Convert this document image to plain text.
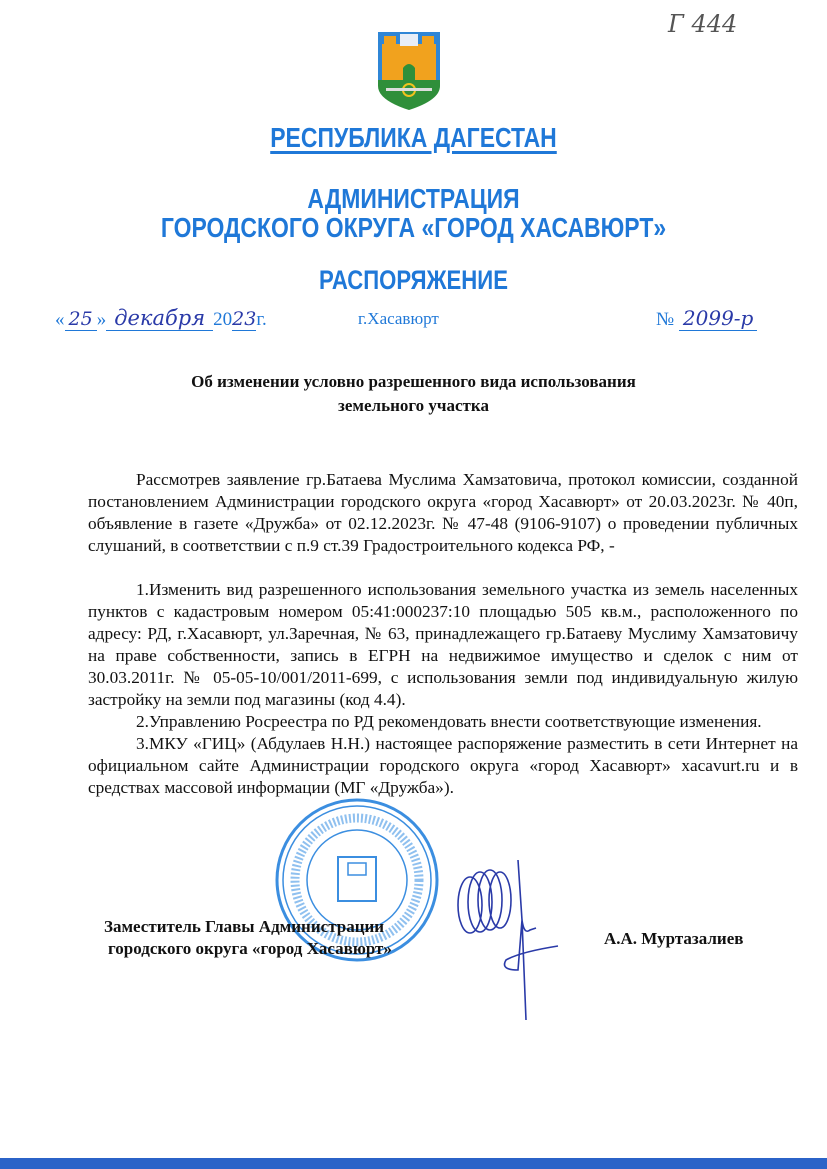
Г 444
РЕСПУБЛИКА ДАГЕСТАН
АДМИНИСТРАЦИЯ
ГОРОДСКОГО ОКРУГА «ГОРОД ХАСАВЮРТ»
РАСПОРЯЖЕНИЕ
« 25 » декабря 2023г.	г.Хасавюрт	№ 2099-р
Об изменении условно разрешенного вида использования
земельного участка

Рассмотрев заявление гр.Батаева Муслима Хамзатовича, протокол комиссии, созданной постановлением Администрации городского округа «город Хасавюрт» от 20.03.2023г. № 40п, объявление в газете «Дружба» от 02.12.2023г. № 47-48 (9106-9107) о проведении публичных слушаний, в соответствии с п.9 ст.39 Градостроительного кодекса РФ, -

1.Изменить вид разрешенного использования земельного участка из земель населенных пунктов с кадастровым номером 05:41:000237:10 площадью 505 кв.м., расположенного по адресу: РД, г.Хасавюрт, ул.Заречная, № 63, принадлежащего гр.Батаеву Муслиму Хамзатовичу на праве собственности, запись в ЕГРН на недвижимое имущество и сделок с ним от 30.03.2011г. № 05-05-10/001/2011-699, с использования земли под индивидуальную жилую застройку на земли под магазины (код 4.4).

2.Управлению Росреестра по РД рекомендовать внести соответствующие изменения.

3.МКУ «ГИЦ» (Абдулаев Н.Н.) настоящее распоряжение разместить в сети Интернет на официальном сайте Администрации городского округа «город Хасавюрт» xacavurt.ru и в средствах массовой информации (МГ «Дружба»).

Заместитель Главы Администрации
городского округа «город Хасавюрт»
А.А. Муртазалиев
